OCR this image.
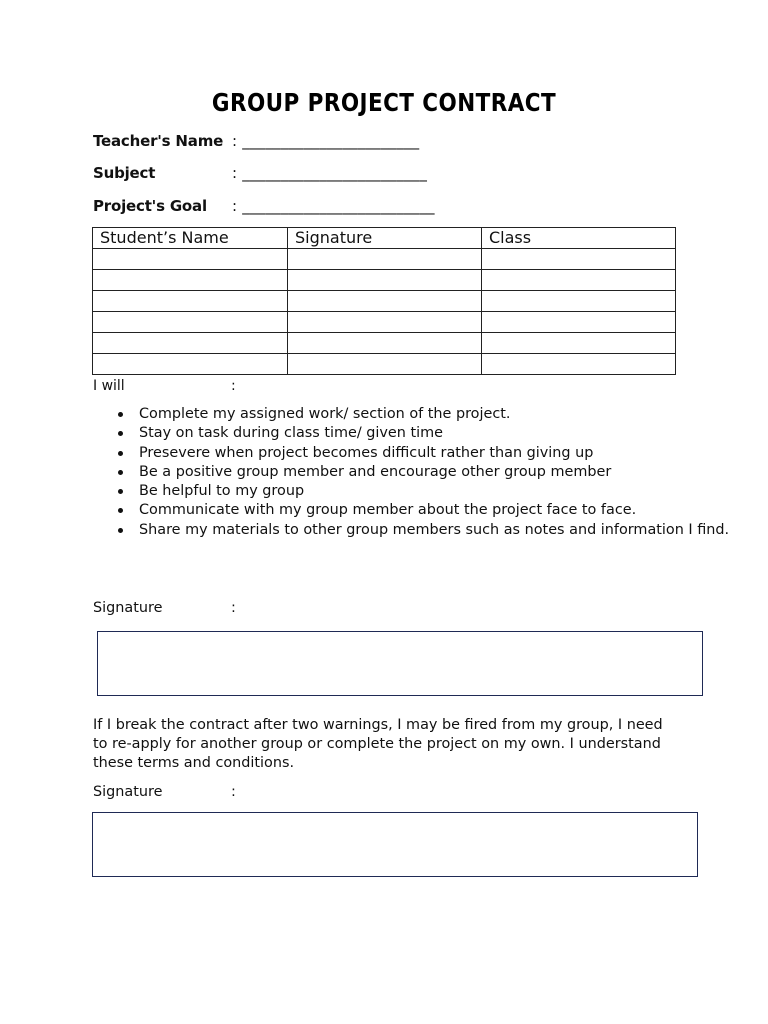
GROUP PROJECT CONTRACT
Teacher's Name : _______________________
Subject	: ________________________
Project's Goal : _________________________
Student’s Name	Signature	Class

I will	:
Complete my assigned work/ section of the project.
Stay on task during class time/ given time
Presevere when project becomes difficult rather than giving up
Be a positive group member and encourage other group member
Be helpful to my group
Communicate with my group member about the project face to face.
Share my materials to other group members such as notes and information I find.
Signature	:
If I break the contract after two warnings, I may be fired from my group, I need to re-apply for another group or complete the project on my own. I understand these terms and conditions.
Signature	:
